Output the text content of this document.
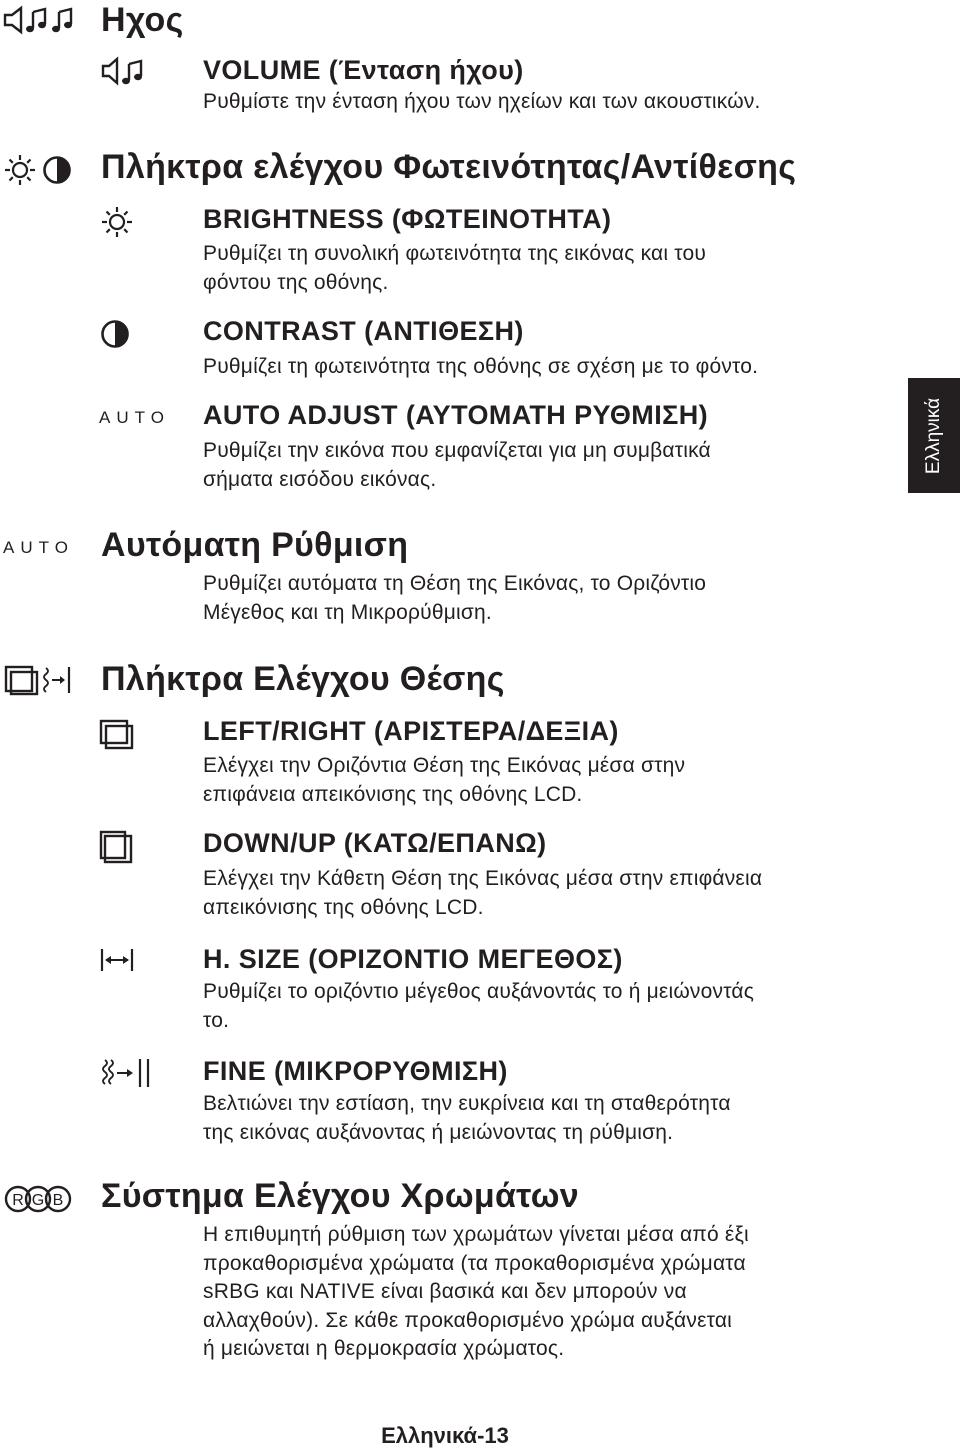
Ηχος
VOLUME (Ένταση ήχου)
Ρυθμίστε την ένταση ήχου των ηχείων και των ακουστικών.
Πλήκτρα ελέγχου Φωτεινότητας/Αντίθεσης
BRIGHTNESS (ΦΩΤΕΙΝΟΤΗΤΑ)
Ρυθμίζει τη συνολική φωτεινότητα της εικόνας και του
φόντου της οθόνης.
CONTRAST (ΑΝΤΙΘΕΣΗ)
Ρυθμίζει τη φωτεινότητα της οθόνης σε σχέση με το φόντο.
AUTO AUTO ADJUST (ΑΥΤΟΜΑΤΗ ΡΥΘΜΙΣΗ)
Ρυθμίζει την εικόνα που εμφανίζεται για μη συμβατικά
σήματα εισόδου εικόνας.
Ελληνικά
AUTO Αυτόματη Ρύθμιση
Ρυθμίζει αυτόματα τη Θέση της Εικόνας, το Οριζόντιο
Μέγεθος και τη Μικρορύθμιση.
Πλήκτρα Ελέγχου Θέσης
LEFT/RIGHT (ΑΡΙΣΤΕΡΑ/ΔΕΞΙΑ)
Ελέγχει την Οριζόντια Θέση της Εικόνας μέσα στην
επιφάνεια απεικόνισης της οθόνης LCD.
DOWN/UP (ΚΑΤΩ/ΕΠΑΝΩ)
Ελέγχει την Κάθετη Θέση της Εικόνας μέσα στην επιφάνεια
απεικόνισης της οθόνης LCD.
H. SIZE (ΟΡΙΖΟΝΤΙΟ ΜΕΓΕΘΟΣ)
Ρυθμίζει το οριζόντιο μέγεθος αυξάνοντάς το ή μειώνοντάς
το.
FINE (ΜΙΚΡΟΡΥΘΜΙΣΗ)
Βελτιώνει την εστίαση, την ευκρίνεια και τη σταθερότητα
της εικόνας αυξάνοντας ή μειώνοντας τη ρύθμιση.
R G B Σύστημα Ελέγχου Χρωμάτων
Η επιθυμητή ρύθμιση των χρωμάτων γίνεται μέσα από έξι
προκαθορισμένα χρώματα (τα προκαθορισμένα χρώματα
sRBG και NATIVE είναι βασικά και δεν μπορούν να
αλλαχθούν). Σε κάθε προκαθορισμένο χρώμα αυξάνεται
ή μειώνεται η θερμοκρασία χρώματος.
Ελληνικά-13
